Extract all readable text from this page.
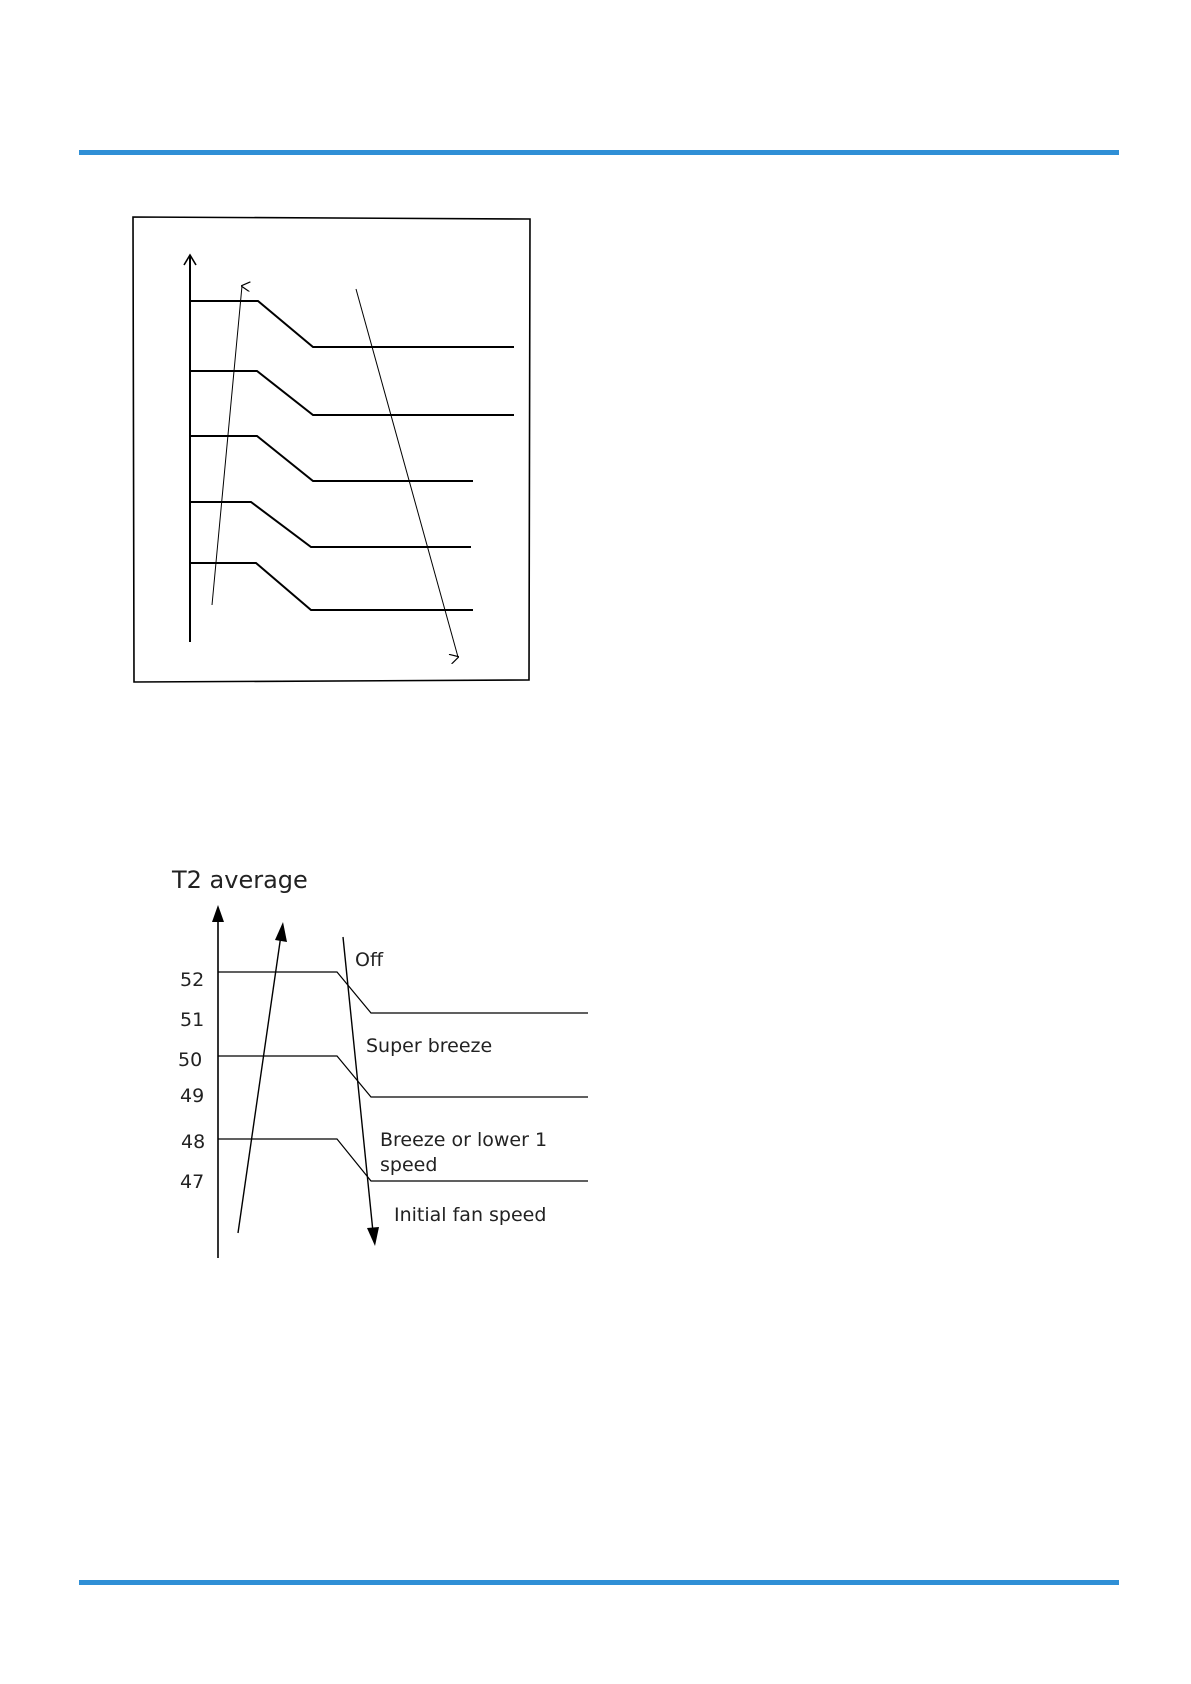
T2 average
52
51
50
49
48
47
Off
Super breeze
Breeze or lower 1
speed
Initial fan speed
